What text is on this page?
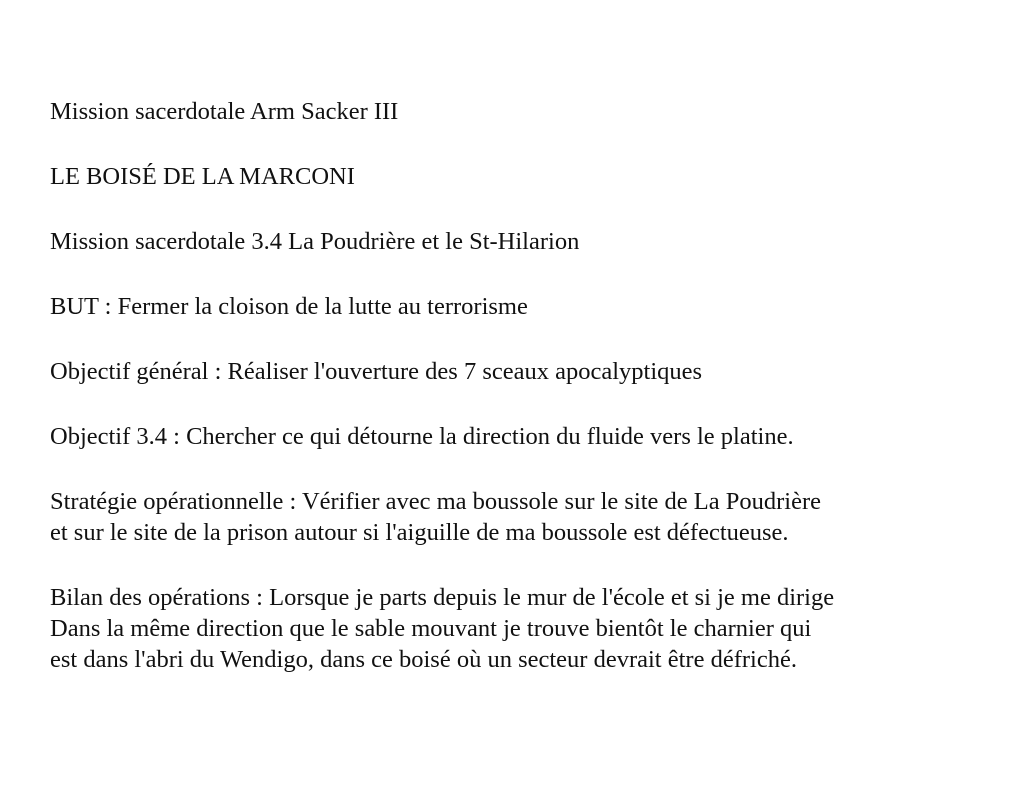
Mission sacerdotale Arm Sacker III

LE BOISÉ DE LA MARCONI

Mission sacerdotale 3.4 La Poudrière et le St-Hilarion

BUT : Fermer la cloison de la lutte au terrorisme

Objectif général : Réaliser l'ouverture des 7 sceaux apocalyptiques

Objectif 3.4 : Chercher ce qui détourne la direction du fluide vers le platine.

Stratégie opérationnelle : Vérifier avec ma boussole sur le site de La Poudrière
et sur le site de la prison autour si l'aiguille de ma boussole est défectueuse.

Bilan des opérations : Lorsque je parts depuis le mur de l'école et si je me dirige
Dans la même direction que le sable mouvant je trouve bientôt le charnier qui
est dans l'abri du Wendigo, dans ce boisé où un secteur devrait être défriché.
